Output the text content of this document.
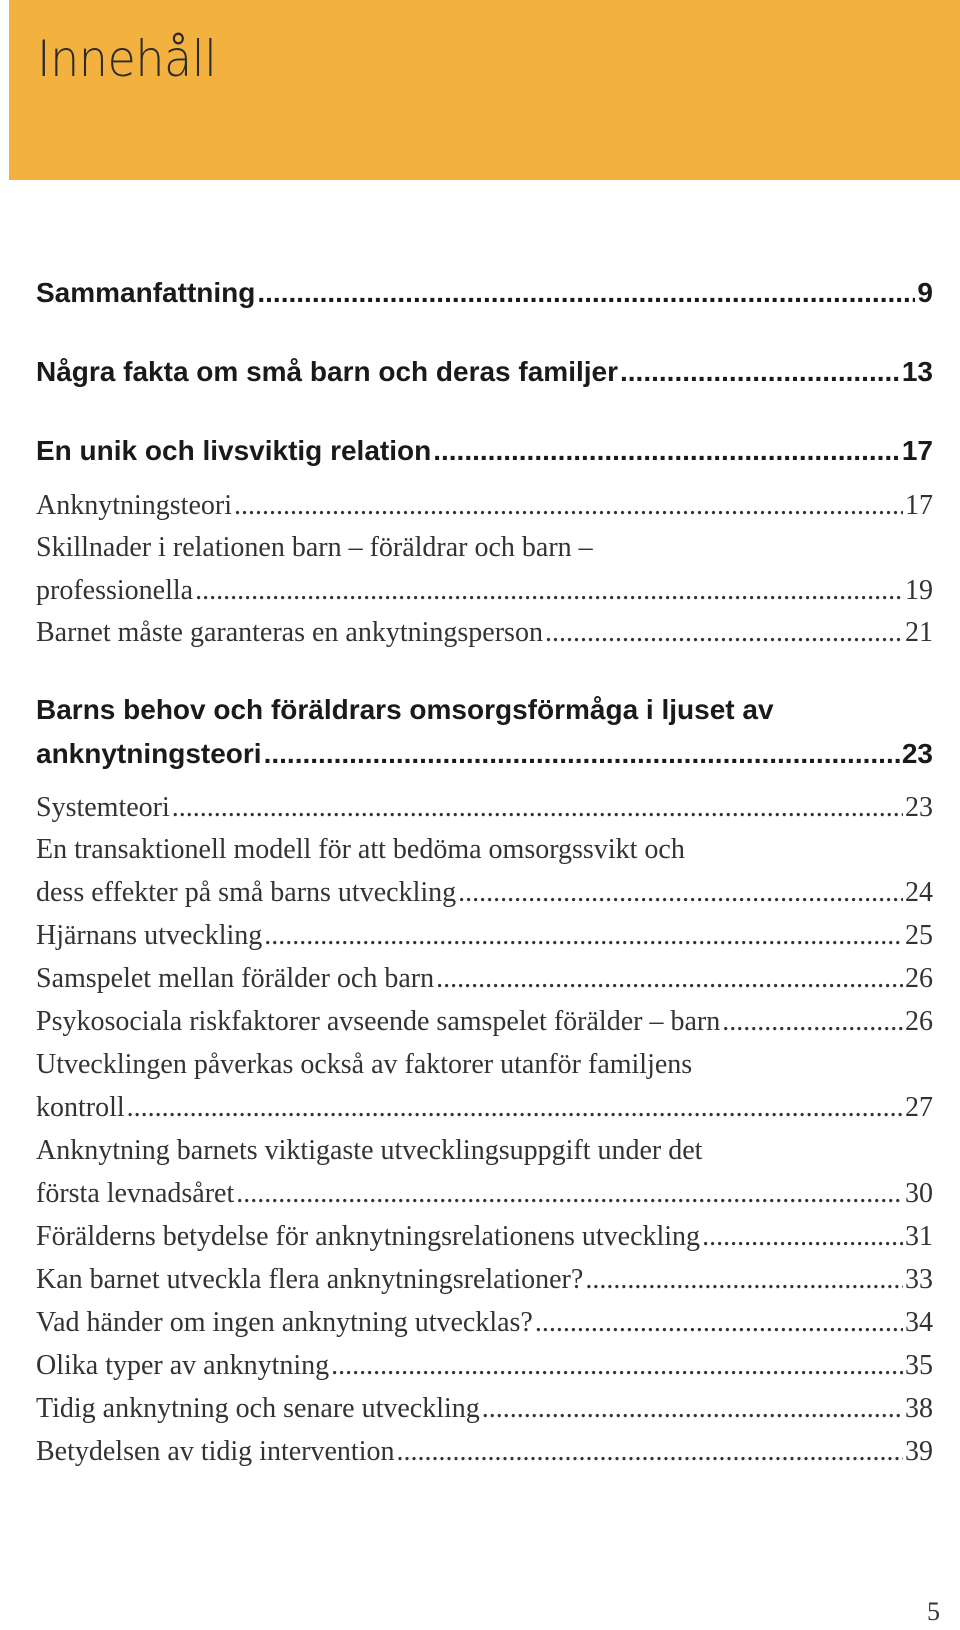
Innehåll
Sammanfattning .....	9
Några fakta om små barn och deras familjer .....	13
En unik och livsviktig relation .....	17
Anknytningsteori .....	17
Skillnader i relationen barn – föräldrar och barn –
professionella .....	19
Barnet måste garanteras en ankytningsperson .....	21
Barns behov och föräldrars omsorgsförmåga i ljuset av
anknytningsteori .....	23
Systemteori .....	23
En transaktionell modell för att bedöma omsorgssvikt och
dess effekter på små barns utveckling .....	24
Hjärnans utveckling .....	25
Samspelet mellan förälder och barn .....	26
Psykosociala riskfaktorer avseende samspelet förälder – barn .....	26
Utvecklingen påverkas också av faktorer utanför familjens
kontroll .....	27
Anknytning barnets viktigaste utvecklingsuppgift under det
första levnadsåret .....	30
Förälderns betydelse för anknytningsrelationens utveckling .....	31
Kan barnet utveckla flera anknytningsrelationer? .....	33
Vad händer om ingen anknytning utvecklas? .....	34
Olika typer av anknytning .....	35
Tidig anknytning och senare utveckling .....	38
Betydelsen av tidig intervention .....	39
5
